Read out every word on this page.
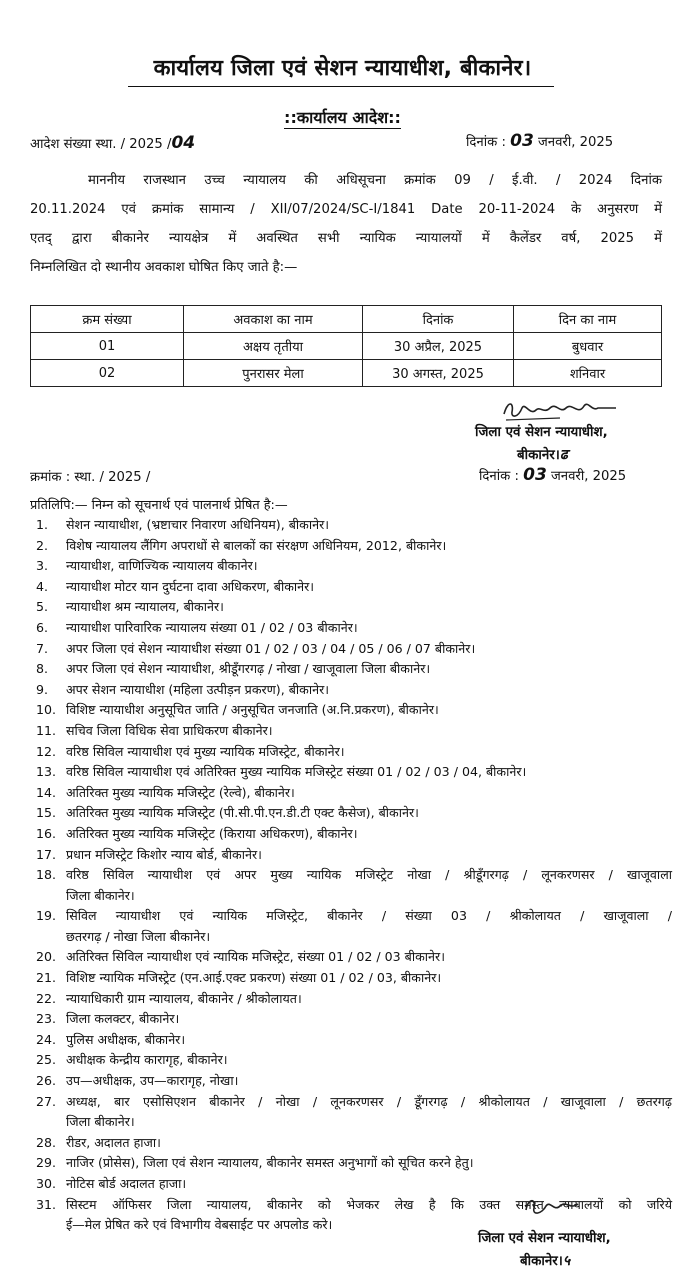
कार्यालय जिला एवं सेशन न्यायाधीश, बीकानेर।
::कार्यालय आदेश::
आदेश संख्या स्था. / 2025 /04	दिनांक : 03 जनवरी, 2025
माननीय राजस्थान उच्च न्यायालय की अधिसूचना क्रमांक 09 / ई.वी. / 2024 दिनांक
20.11.2024 एवं क्रमांक सामान्य / XII/07/2024/SC-I/1841 Date 20-11-2024 के अनुसरण में
एतद् द्वारा बीकानेर न्यायक्षेत्र में अवस्थित सभी न्यायिक न्यायालयों में कैलेंडर वर्ष, 2025 में
निम्नलिखित दो स्थानीय अवकाश घोषित किए जाते है:—
क्रम संख्या	अवकाश का नाम	दिनांक	दिन का नाम
01	अक्षय तृतीया	30 अप्रैल, 2025	बुधवार
02	पुनरासर मेला	30 अगस्त, 2025	शनिवार
जिला एवं सेशन न्यायाधीश,
बीकानेर।ढ
क्रमांक : स्था. / 2025 /	दिनांक : 03 जनवरी, 2025
प्रतिलिपि:— निम्न को सूचनार्थ एवं पालनार्थ प्रेषित है:—
1.	सेशन न्यायाधीश, (भ्रष्टाचार निवारण अधिनियम), बीकानेर।
2.	विशेष न्यायालय लैंगिग अपराधों से बालकों का संरक्षण अधिनियम, 2012, बीकानेर।
3.	न्यायाधीश, वाणिज्यिक न्यायालय बीकानेर।
4.	न्यायाधीश मोटर यान दुर्घटना दावा अधिकरण, बीकानेर।
5.	न्यायाधीश श्रम न्यायालय, बीकानेर।
6.	न्यायाधीश पारिवारिक न्यायालय संख्या 01 / 02 / 03 बीकानेर।
7.	अपर जिला एवं सेशन न्यायाधीश संख्या 01 / 02 / 03 / 04 / 05 / 06 / 07 बीकानेर।
8.	अपर जिला एवं सेशन न्यायाधीश, श्रीडूँगरगढ़ / नोखा / खाजूवाला जिला बीकानेर।
9.	अपर सेशन न्यायाधीश (महिला उत्पीड़न प्रकरण), बीकानेर।
10. विशिष्ट न्यायाधीश अनुसूचित जाति / अनुसूचित जनजाति (अ.नि.प्रकरण), बीकानेर।
11. सचिव जिला विधिक सेवा प्राधिकरण बीकानेर।
12. वरिष्ठ सिविल न्यायाधीश एवं मुख्य न्यायिक मजिस्ट्रेट, बीकानेर।
13. वरिष्ठ सिविल न्यायाधीश एवं अतिरिक्त मुख्य न्यायिक मजिस्ट्रेट संख्या 01 / 02 / 03 / 04, बीकानेर।
14. अतिरिक्त मुख्य न्यायिक मजिस्ट्रेट (रेल्वे), बीकानेर।
15. अतिरिक्त मुख्य न्यायिक मजिस्ट्रेट (पी.सी.पी.एन.डी.टी एक्ट कैसेज), बीकानेर।
16. अतिरिक्त मुख्य न्यायिक मजिस्ट्रेट (किराया अधिकरण), बीकानेर।
17. प्रधान मजिस्ट्रेट किशोर न्याय बोर्ड, बीकानेर।
18. वरिष्ठ सिविल न्यायाधीश एवं अपर मुख्य न्यायिक मजिस्ट्रेट नोखा / श्रीडूँगरगढ़ / लूनकरणसर / खाजूवाला
जिला बीकानेर।
19. सिविल न्यायाधीश एवं न्यायिक मजिस्ट्रेट, बीकानेर / संख्या 03 / श्रीकोलायत / खाजूवाला /
छतरगढ़ / नोखा जिला बीकानेर।
20. अतिरिक्त सिविल न्यायाधीश एवं न्यायिक मजिस्ट्रेट, संख्या 01 / 02 / 03 बीकानेर।
21. विशिष्ट न्यायिक मजिस्ट्रेट (एन.आई.एक्ट प्रकरण) संख्या 01 / 02 / 03, बीकानेर।
22. न्यायाधिकारी ग्राम न्यायालय, बीकानेर / श्रीकोलायत।
23. जिला कलक्टर, बीकानेर।
24. पुलिस अधीक्षक, बीकानेर।
25. अधीक्षक केन्द्रीय कारागृह, बीकानेर।
26. उप—अधीक्षक, उप—कारागृह, नोखा।
27. अध्यक्ष, बार एसोसिएशन बीकानेर / नोखा / लूनकरणसर / डूँगरगढ़ / श्रीकोलायत / खाजूवाला / छतरगढ़
जिला बीकानेर।
28. रीडर, अदालत हाजा।
29. नाजिर (प्रोसेस), जिला एवं सेशन न्यायालय, बीकानेर समस्त अनुभागों को सूचित करने हेतु।
30. नोटिस बोर्ड अदालत हाजा।
31. सिस्टम ऑफिसर जिला न्यायालय, बीकानेर को भेजकर लेख है कि उक्त समस्त न्यायालयों को जरिये
ई—मेल प्रेषित करे एवं विभागीय वेबसाईट पर अपलोड करे।
जिला एवं सेशन न्यायाधीश,
बीकानेर।५
